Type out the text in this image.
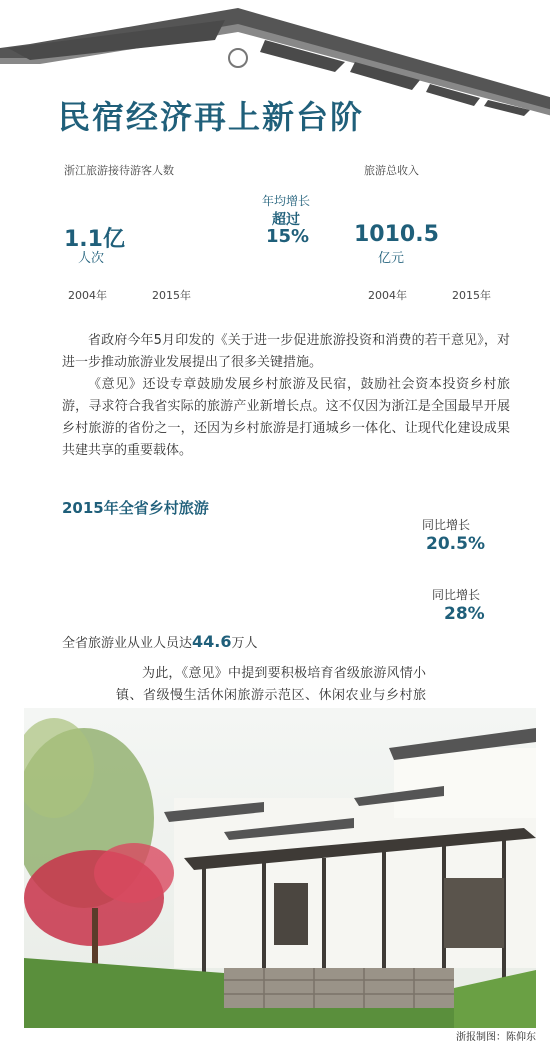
民宿经济再上新台阶
浙江旅游接待游客人数
1.1亿
人次
2004年	2015年
年均增长
超过
15%
旅游总收入
1010.5
亿元
2004年	2015年
省政府今年5月印发的《关于进一步促进旅游投资和消费的若干意见》，对进一步推动旅游业发展提出了很多关键措施。
《意见》还设专章鼓励发展乡村旅游及民宿，鼓励社会资本投资乡村旅游，寻求符合我省实际的旅游产业新增长点。这不仅因为浙江是全国最早开展乡村旅游的省份之一，还因为乡村旅游是打通城乡一体化、让现代化建设成果共建共享的重要载体。
2015年全省乡村旅游
同比增长
20.5%
同比增长
28%
全省旅游业从业人员达44.6万人
为此，《意见》中提到要积极培育省级旅游风情小镇、省级慢生活休闲旅游示范区、休闲农业与乡村旅
浙报制图：陈仰东
